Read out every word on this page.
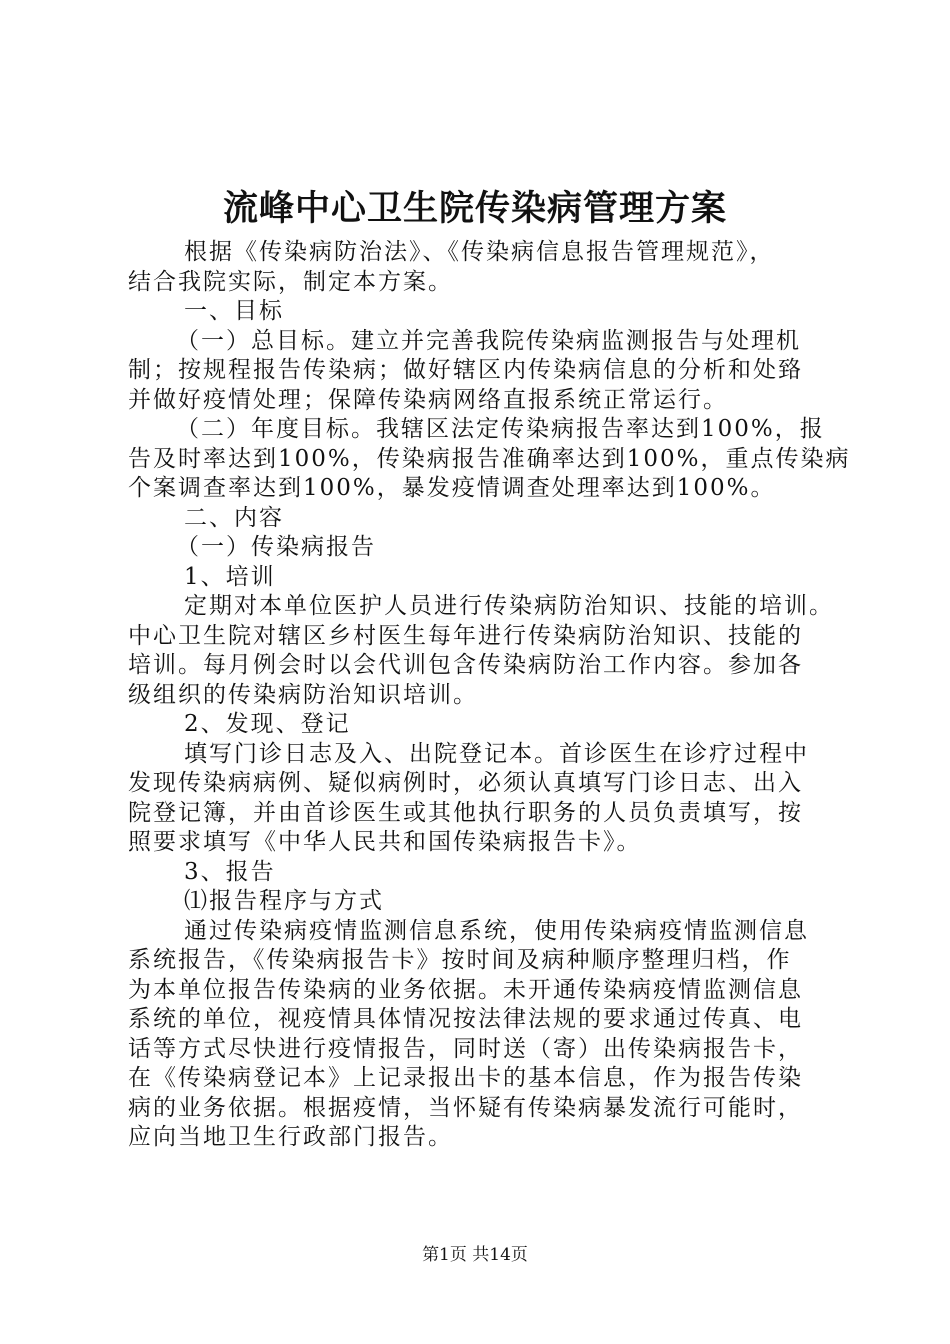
流峰中心卫生院传染病管理方案

根据《传染病防治法》、《传染病信息报告管理规范》，

结合我院实际，制定本方案。

一、目标

（一）总目标。建立并完善我院传染病监测报告与处理机

制；按规程报告传染病；做好辖区内传染病信息的分析和处臵

并做好疫情处理；保障传染病网络直报系统正常运行。

（二）年度目标。我辖区法定传染病报告率达到100%，报

告及时率达到100%，传染病报告准确率达到100%，重点传染病

个案调查率达到100%，暴发疫情调查处理率达到100%。

二、内容

（一）传染病报告

1、培训

定期对本单位医护人员进行传染病防治知识、技能的培训。

中心卫生院对辖区乡村医生每年进行传染病防治知识、技能的

培训。每月例会时以会代训包含传染病防治工作内容。参加各

级组织的传染病防治知识培训。

2、发现、登记

填写门诊日志及入、出院登记本。首诊医生在诊疗过程中

发现传染病病例、疑似病例时，必须认真填写门诊日志、出入

院登记簿，并由首诊医生或其他执行职务的人员负责填写，按

照要求填写《中华人民共和国传染病报告卡》。

3、报告

⑴报告程序与方式

通过传染病疫情监测信息系统，使用传染病疫情监测信息

系统报告，《传染病报告卡》按时间及病种顺序整理归档，作

为本单位报告传染病的业务依据。未开通传染病疫情监测信息

系统的单位，视疫情具体情况按法律法规的要求通过传真、电

话等方式尽快进行疫情报告，同时送（寄）出传染病报告卡，

在《传染病登记本》上记录报出卡的基本信息，作为报告传染

病的业务依据。根据疫情，当怀疑有传染病暴发流行可能时，

应向当地卫生行政部门报告。

第1页 共14页
